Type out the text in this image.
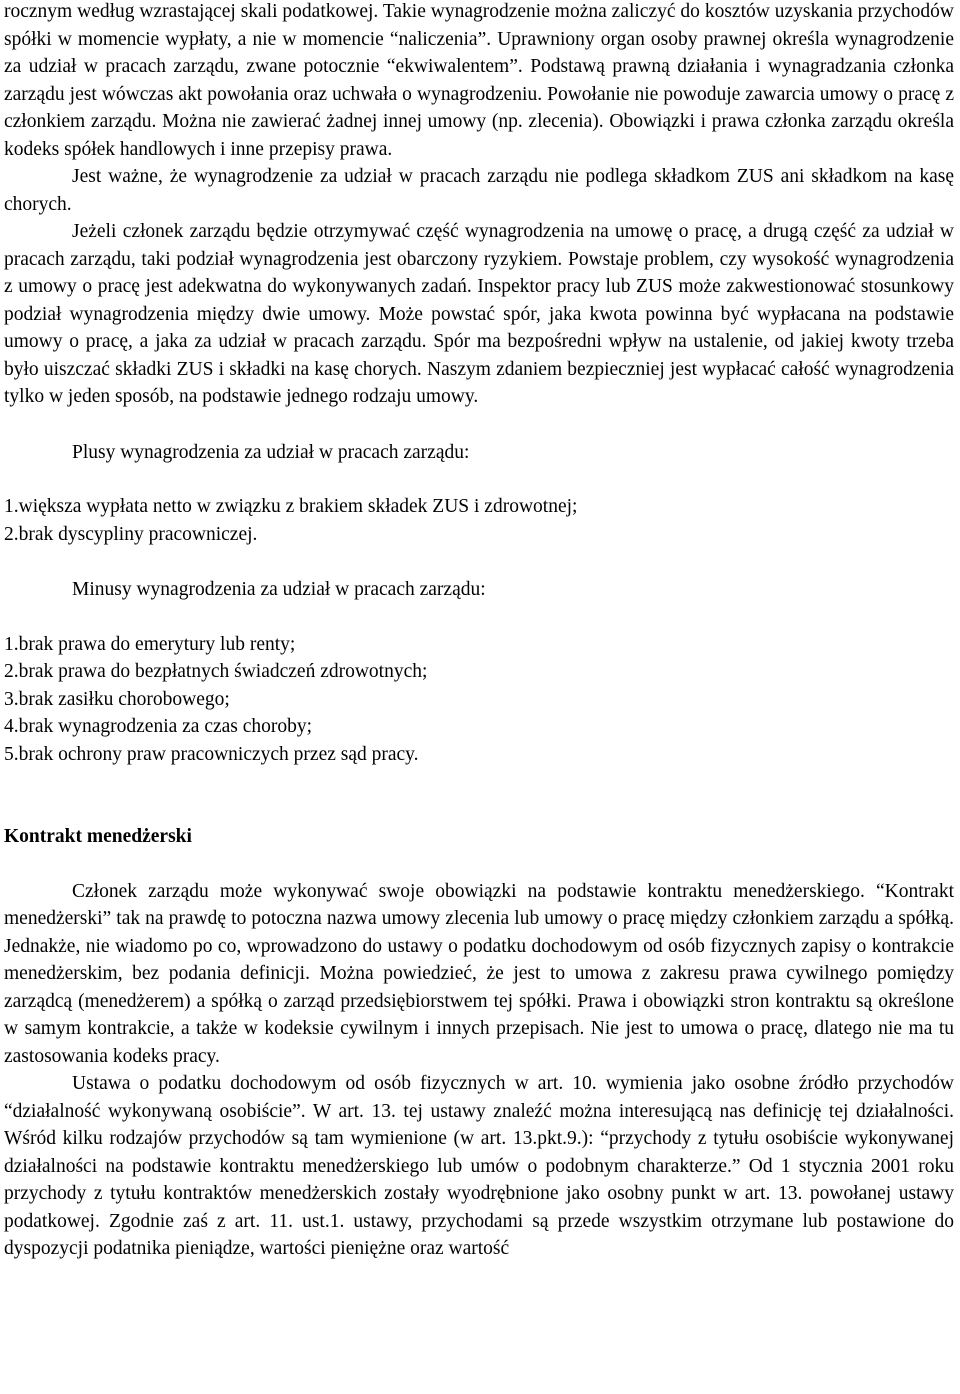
rocznym według wzrastającej skali podatkowej. Takie wynagrodzenie można zaliczyć do kosztów uzyskania przychodów spółki w momencie wypłaty, a nie w momencie “naliczenia”. Uprawniony organ osoby prawnej określa wynagrodzenie za udział w pracach zarządu, zwane potocznie “ekwiwalentem”. Podstawą prawną działania i wynagradzania członka zarządu jest wówczas akt powołania oraz uchwała o wynagrodzeniu. Powołanie nie powoduje zawarcia umowy o pracę z członkiem zarządu. Można nie zawierać żadnej innej umowy (np. zlecenia). Obowiązki i prawa członka zarządu określa kodeks spółek handlowych i inne przepisy prawa.

Jest ważne, że wynagrodzenie za udział w pracach zarządu nie podlega składkom ZUS ani składkom na kasę chorych.

Jeżeli członek zarządu będzie otrzymywać część wynagrodzenia na umowę o pracę, a drugą część za udział w pracach zarządu, taki podział wynagrodzenia jest obarczony ryzykiem. Powstaje problem, czy wysokość wynagrodzenia z umowy o pracę jest adekwatna do wykonywanych zadań. Inspektor pracy lub ZUS może zakwestionować stosunkowy podział wynagrodzenia między dwie umowy. Może powstać spór, jaka kwota powinna być wypłacana na podstawie umowy o pracę, a jaka za udział w pracach zarządu. Spór ma bezpośredni wpływ na ustalenie, od jakiej kwoty trzeba było uiszczać składki ZUS i składki na kasę chorych. Naszym zdaniem bezpieczniej jest wypłacać całość wynagrodzenia tylko w jeden sposób, na podstawie jednego rodzaju umowy.

Plusy wynagrodzenia za udział w pracach zarządu:

1.większa wypłata netto w związku z brakiem składek ZUS i zdrowotnej;
2.brak dyscypliny pracowniczej.

Minusy wynagrodzenia za udział w pracach zarządu:

1.brak prawa do emerytury lub renty;
2.brak prawa do bezpłatnych świadczeń zdrowotnych;
3.brak zasiłku chorobowego;
4.brak wynagrodzenia za czas choroby;
5.brak ochrony praw pracowniczych przez sąd pracy.

Kontrakt menedżerski

Członek zarządu może wykonywać swoje obowiązki na podstawie kontraktu menedżerskiego. “Kontrakt menedżerski” tak na prawdę to potoczna nazwa umowy zlecenia lub umowy o pracę między członkiem zarządu a spółką. Jednakże, nie wiadomo po co, wprowadzono do ustawy o podatku dochodowym od osób fizycznych zapisy o kontrakcie menedżerskim, bez podania definicji. Można powiedzieć, że jest to umowa z zakresu prawa cywilnego pomiędzy zarządcą (menedżerem) a spółką o zarząd przedsiębiorstwem tej spółki. Prawa i obowiązki stron kontraktu są określone w samym kontrakcie, a także w kodeksie cywilnym i innych przepisach. Nie jest to umowa o pracę, dlatego nie ma tu zastosowania kodeks pracy.

Ustawa o podatku dochodowym od osób fizycznych w art. 10. wymienia jako osobne źródło przychodów “działalność wykonywaną osobiście”. W art. 13. tej ustawy znaleźć można interesującą nas definicję tej działalności. Wśród kilku rodzajów przychodów są tam wymienione (w art. 13.pkt.9.): “przychody z tytułu osobiście wykonywanej działalności na podstawie kontraktu menedżerskiego lub umów o podobnym charakterze.” Od 1 stycznia 2001 roku przychody z tytułu kontraktów menedżerskich zostały wyodrębnione jako osobny punkt w art. 13. powołanej ustawy podatkowej. Zgodnie zaś z art. 11. ust.1. ustawy, przychodami są przede wszystkim otrzymane lub postawione do dyspozycji podatnika pieniądze, wartości pieniężne oraz wartość
